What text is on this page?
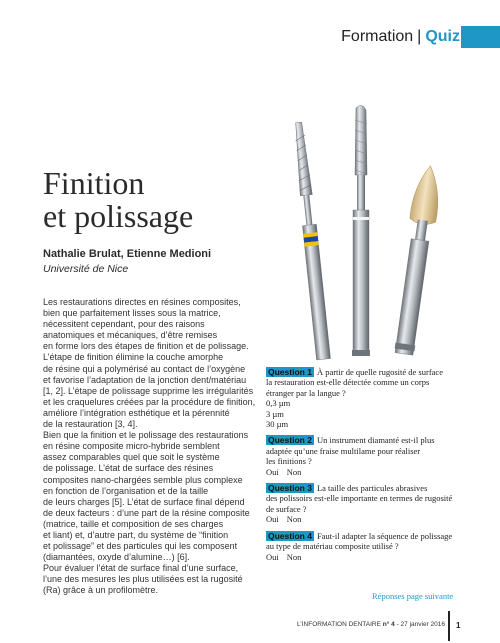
Formation | Quiz
Finition
et polissage
Nathalie Brulat, Etienne Medioni
Université de Nice
Les restaurations directes en résines composites,
bien que parfaitement lisses sous la matrice,
nécessitent cependant, pour des raisons
anatomiques et mécaniques, d’être remises
en forme lors des étapes de finition et de polissage.
L’étape de finition élimine la couche amorphe
de résine qui a polymérisé au contact de l’oxygène
et favorise l’adaptation de la jonction dent/matériau
[1, 2]. L’étape de polissage supprime les irrégularités
et les craquelures créées par la procédure de finition,
améliore l’intégration esthétique et la pérennité
de la restauration [3, 4].
Bien que la finition et le polissage des restaurations
en résine composite micro-hybride semblent
assez comparables quel que soit le système
de polissage. L’état de surface des résines
composites nano-chargées semble plus complexe
en fonction de l’organisation et de la taille
de leurs charges [5]. L’état de surface final dépend
de deux facteurs : d’une part de la résine composite
(matrice, taille et composition de ses charges
et liant) et, d’autre part, du système de “finition
et polissage” et des particules qui les composent
(diamantées, oxyde d’alumine…) [6].
Pour évaluer l’état de surface final d’une surface,
l’une des mesures les plus utilisées est la rugosité
(Ra) grâce à un profilomètre.
Question 1 À partir de quelle rugosité de surface
la restauration est-elle détectée comme un corps
étranger par la langue ?
0,3 µm
3 µm
30 µm
Question 2 Un instrument diamanté est-il plus
adaptée qu’une fraise multilame pour réaliser
les finitions ?
Oui Non
Question 3 La taille des particules abrasives
des polissoirs est-elle importante en termes de rugosité
de surface ?
Oui Non
Question 4 Faut-il adapter la séquence de polissage
au type de matériau composite utilisé ?
Oui Non
Réponses page suivante
L’INFORMATION DENTAIRE n° 4 - 27 janvier 2016 1
